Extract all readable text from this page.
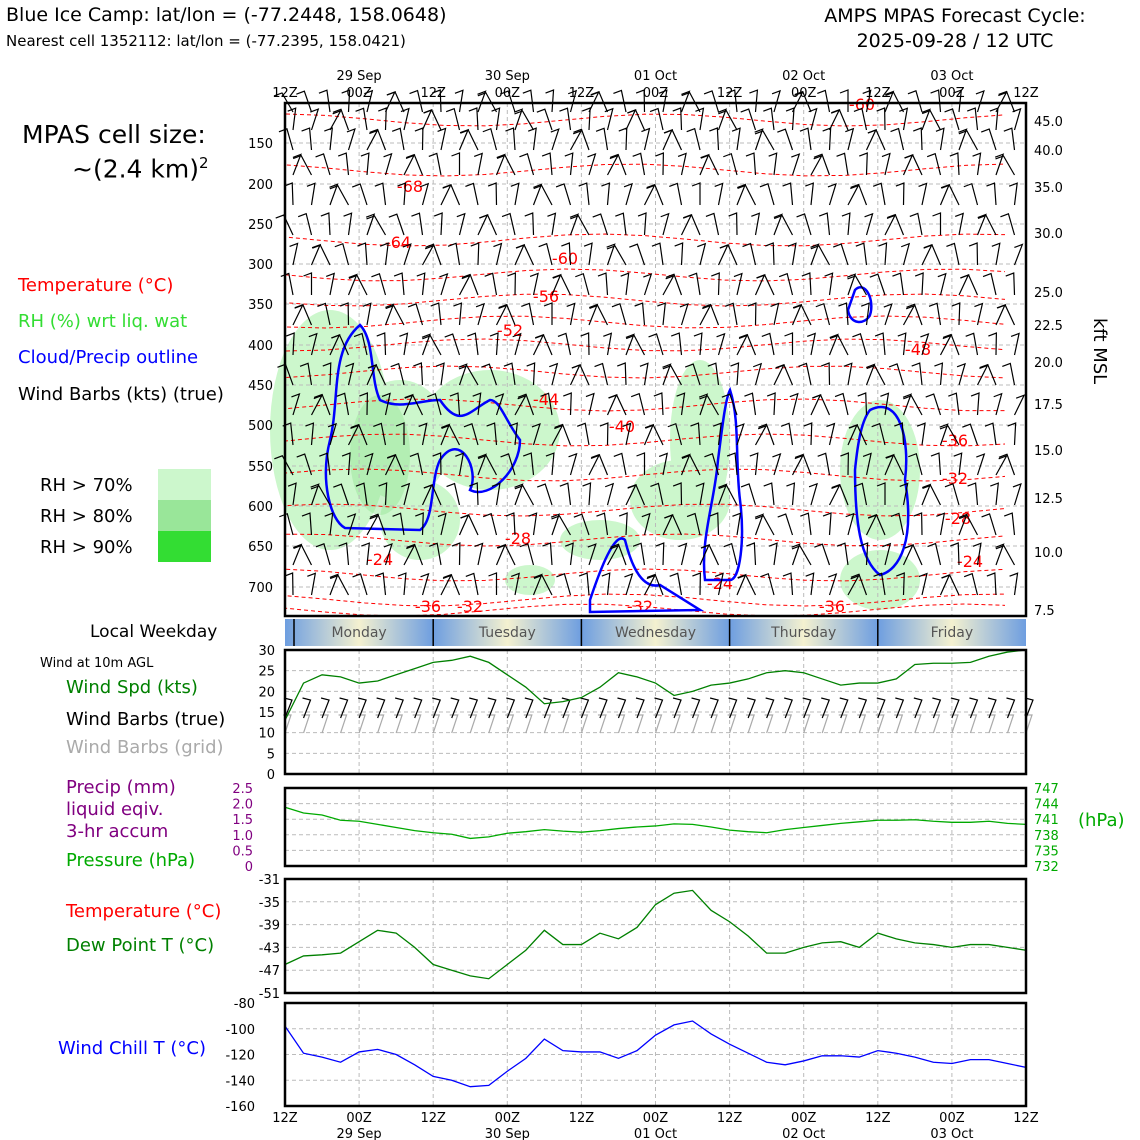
Blue Ice Camp: lat/lon = (-77.2448, 158.0648)
Nearest cell 1352112: lat/lon = (-77.2395, 158.0421)
AMPS MPAS Forecast Cycle:
2025-09-28 / 12 UTC
MPAS cell size:
~(2.4 km)$^2$
Temperature (°C)
RH (%) wrt liq. wat
Cloud/Precip outline
Wind Barbs (kts) (true)
RH > 70%
RH > 80%
RH > 90%
Local Weekday
Wind at 10m AGL
Wind Spd (kts)
Wind Barbs (true)
Wind Barbs (grid)
Precip (mm)
liquid eqiv.
3-hr accum
Pressure (hPa)
Temperature (°C)
Dew Point T (°C)
Wind Chill T (°C)
(hPa)
kft MSL
-60
-68
-64
-60
-56
-52
-48
-44
-40
-36
-32
-28
-24
-24
-28
-32
-36
-24
-36
-32
150
200
250
300
350
400
450
500
550
600
650
700
45.0
40.0
35.0
30.0
25.0
22.5
20.0
17.5
15.0
12.5
10.0
7.5
12Z	00Z	12Z	00Z	12Z	00Z	12Z	00Z	12Z	00Z	12Z
29 Sep	30 Sep	01 Oct	02 Oct	03 Oct
Monday	Tuesday	Wednesday	Thursday	Friday
0
5
10
15
20
25
30
0
0.5
1.0
1.5
2.0
2.5
732
735
738
741
744
747
-31
-35
-39
-43
-47
-51
-80
-100
-120
-140
-160
12Z	00Z	12Z	00Z	12Z	00Z	12Z	00Z	12Z	00Z	12Z
29 Sep	30 Sep	01 Oct	02 Oct	03 Oct
